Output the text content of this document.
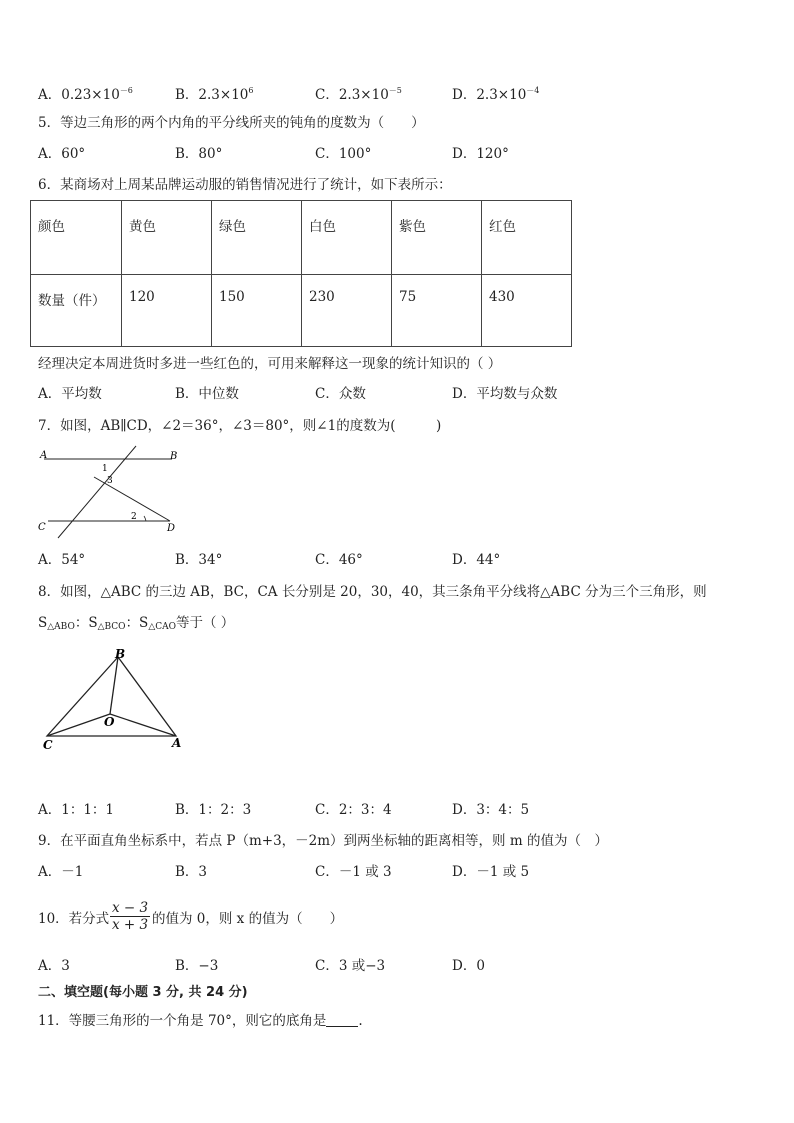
A．$0.23\times 10^{-6}$	B．$2.3\times 10^6$	C．$2.3\times 10^{-5}$	D．$2.3\times 10^{-4}$
5．等边三角形的两个内角的平分线所夹的钝角的度数为（　　）
A．60°	B．80°	C．100°	D．120°
6．某商场对上周某品牌运动服的销售情况进行了统计，如下表所示：
颜色	黄色	绿色	白色	紫色	红色
数量（件）	120	150	230	75	430
经理决定本周进货时多进一些红色的，可用来解释这一现象的统计知识的（ ）
A．平均数	B．中位数	C．众数	D．平均数与众数
7．如图，AB∥CD，∠2＝36°，∠3＝80°，则∠1的度数为(　　　)
A	B
C	D
1
3
2
A．54°	B．34°	C．46°	D．44°
8．如图，△ABC 的三边 AB，BC，CA 长分别是 20，30，40，其三条角平分线将△ABC 分为三个三角形，则
$S_{\triangle ABO}$：$S_{\triangle BCO}$：$S_{\triangle CAO}$等于（ ）
B
C	A
O
A．1：1：1	B．1：2：3	C．2：3：4	D．3：4：5
9．在平面直角坐标系中，若点 P（m+3，－2m）到两坐标轴的距离相等，则 m 的值为（　）
A．－1	B．3	C．－1 或 3	D．－1 或 5
10．若分式
x − 3
x + 3 的值为 0，则 x 的值为（　　）
A．3	B．−3	C．3 或−3	D．0
二、填空题(每小题 3 分, 共 24 分)
11．等腰三角形的一个角是 70°，则它的底角是 .
